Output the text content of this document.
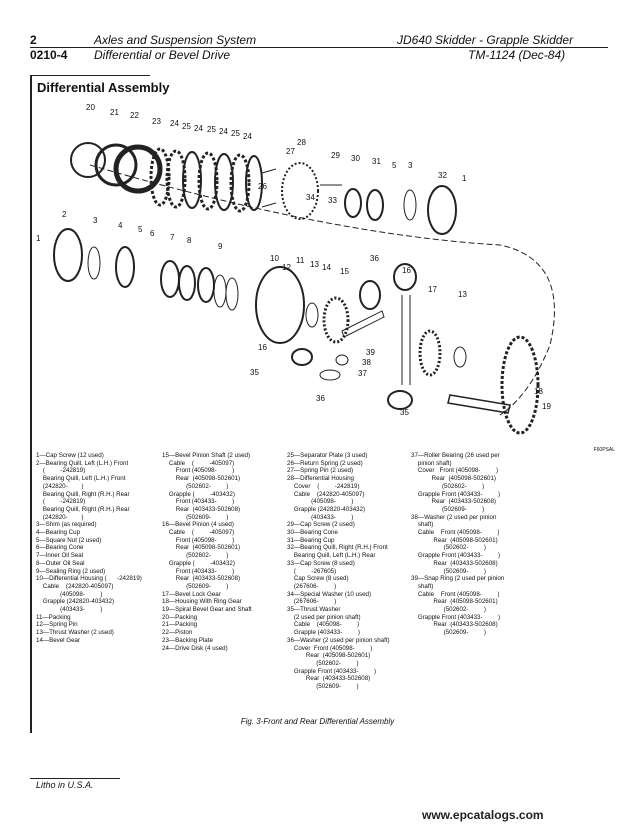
2
0210-4
Axles and Suspension System
Differential or Bevel Drive
JD640 Skidder - Grapple Skidder
TM-1124 (Dec-84)
Differential Assembly
20
21 22
23 24 25 24 25 24 25 24
28
27
26
29 30 31 5 3
32 1
34 33
2
3
4 5 6 7 8
9
1
10 11
12 13 14 15
36
16
17
13
16
39
38
37
35
36
35
18
19
F60PSAL
1—Cap Screw (12 used)
2—Bearing Quill, Left (L.H.) Front
(         -242819)
Bearing Quill, Left (L.H.) Front
(242820-        )
Bearing Quill, Right (R.H.) Rear
(         -242819)
Bearing Quill, Right (R.H.) Rear
(242820-        )
3—Shim (as required)
4—Bearing Cup
5—Square Nut (2 used)
6—Bearing Cone
7—Inner Oil Seal
8—Outer Oil Seal
9—Sealing Ring (2 used)
10—Differential Housing (      -242819)
Cable    (242820-405097)
(405098-         )
Grapple (242820-403432)
(403433-         )
11—Packing
12—Spring Pin
13—Thrust Washer (2 used)
14—Bevel Gear
15—Bevel Pinion Shaft (2 used)
Cable    (         -405097)
Front (405098-         )
Rear  (405098-502601)
(502602-         )
Grapple (         -403432)
Front (403433-         )
Rear  (403433-502608)
(502609-         )
16—Bevel Pinion (4 used)
Cable    (         -405097)
Front (405098-         )
Rear  (405098-502601)
(502602-         )
Grapple (         -403432)
Front (403433-         )
Rear  (403433-502608)
(502609-         )
17—Bevel Lock Gear
18—Housing With Ring Gear
19—Spiral Bevel Gear and Shaft
20—Packing
21—Packing
22—Piston
23—Backing Plate
24—Drive Disk (4 used)
25—Separator Plate (3 used)
26—Return Spring (2 used)
27—Spring Pin (2 used)
28—Differential Housing
Cover    (         -242819)
Cable    (242820-405097)
(405098-         )
Grapple (242820-403432)
(403433-         )
29—Cap Screw (2 used)
30—Bearing Cone
31—Bearing Cup
32—Bearing Quill, Right (R.H.) Front
Bearing Quill, Left (L.H.) Rear
33—Cap Screw (8 used)
(         -267605)
Cap Screw (8 used)
(267606-         )
34—Special Washer (10 used)
(267606-         )
35—Thrust Washer
(2 used per pinion shaft)
Cable    (405098-         )
Grapple (403433-         )
36—Washer (2 used per pinion shaft)
Cover  Front (405098-         )
Rear  (405098-502601)
(502602-         )
Grapple Front (403433-         )
Rear  (403433-502608)
(502609-         )
37—Roller Bearing (26 used per
pinion shaft)
Cover   Front (405098-         )
Rear  (405098-502601)
(502602-         )
Grapple Front (403433-         )
Rear  (403433-502608)
(502609-         )
38—Washer (2 used per pinion
shaft)
Cable    Front (405098-         )
Rear  (405098-502601)
(502602-         )
Grapple Front (403433-         )
Rear  (403433-502608)
(502609-         )
39—Snap Ring (2 used per pinion
shaft)
Cable    Front (405098-         )
Rear  (405098-502601)
(502602-         )
Grapple Front (403433-         )
Rear  (403433-502608)
(502609-         )
Fig. 3-Front and Rear Differential Assembly
Litho in U.S.A.
www.epcatalogs.com
